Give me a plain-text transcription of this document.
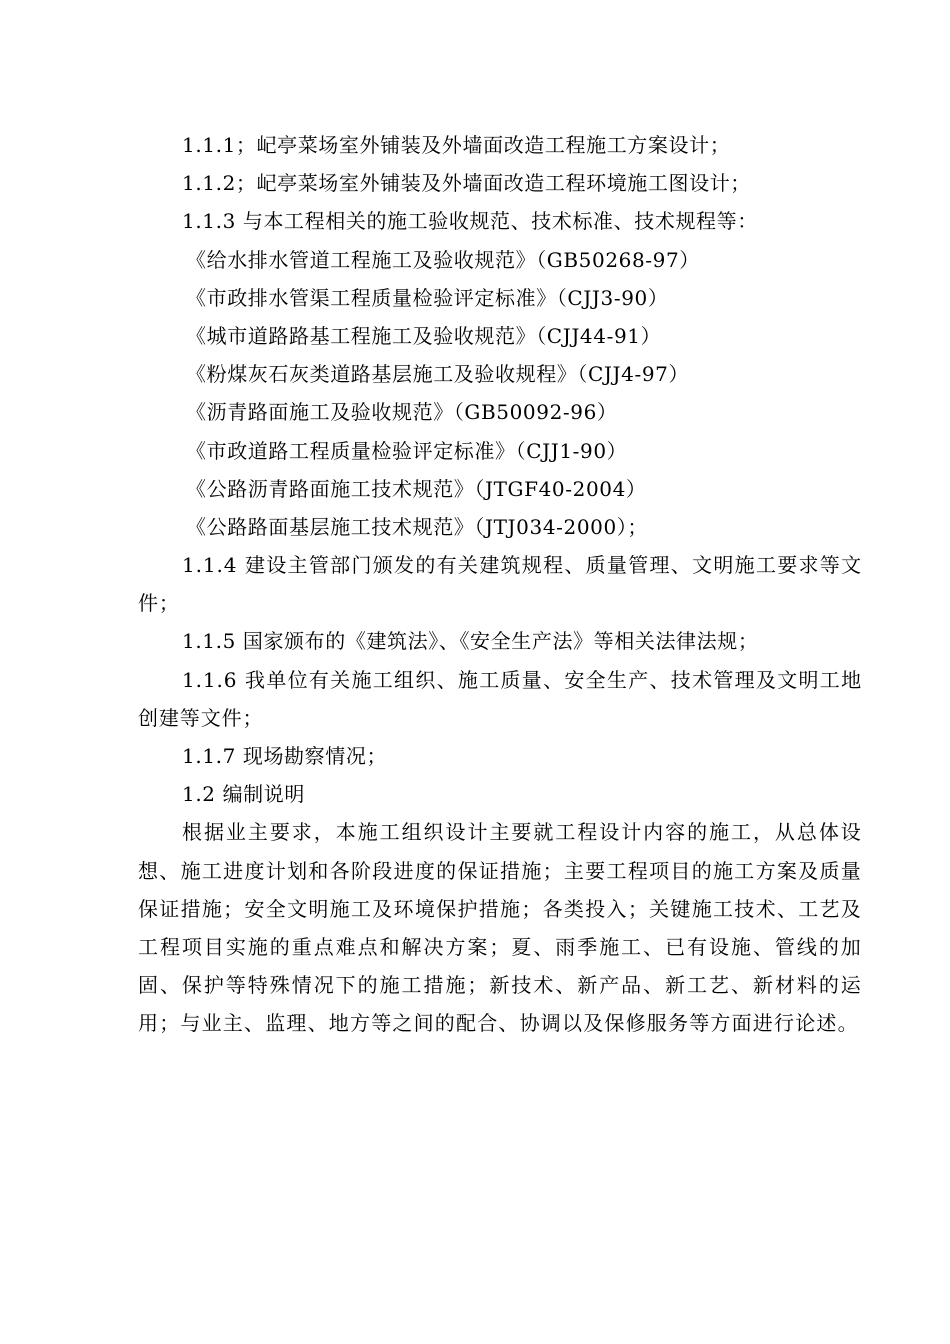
1.1.1；屺亭菜场室外铺装及外墙面改造工程施工方案设计；
1.1.2；屺亭菜场室外铺装及外墙面改造工程环境施工图设计；
1.1.3 与本工程相关的施工验收规范、技术标准、技术规程等：
《给水排水管道工程施工及验收规范》（GB50268-97）
《市政排水管渠工程质量检验评定标准》（CJJ3-90）
《城市道路路基工程施工及验收规范》（CJJ44-91）
《粉煤灰石灰类道路基层施工及验收规程》（CJJ4-97）
《沥青路面施工及验收规范》（GB50092-96）
《市政道路工程质量检验评定标准》（CJJ1-90）
《公路沥青路面施工技术规范》（JTGF40-2004）
《公路路面基层施工技术规范》（JTJ034-2000）；

1.1.4 建设主管部门颁发的有关建筑规程、质量管理、文明施工要求等文件；

1.1.5 国家颁布的《建筑法》、《安全生产法》等相关法律法规；

1.1.6 我单位有关施工组织、施工质量、安全生产、技术管理及文明工地创建等文件；

1.1.7 现场勘察情况；
1.2 编制说明

根据业主要求，本施工组织设计主要就工程设计内容的施工，从总体设想、施工进度计划和各阶段进度的保证措施；主要工程项目的施工方案及质量保证措施；安全文明施工及环境保护措施；各类投入；关键施工技术、工艺及工程项目实施的重点难点和解决方案；夏、雨季施工、已有设施、管线的加固、保护等特殊情况下的施工措施；新技术、新产品、新工艺、新材料的运用；与业主、监理、地方等之间的配合、协调以及保修服务等方面进行论述。
